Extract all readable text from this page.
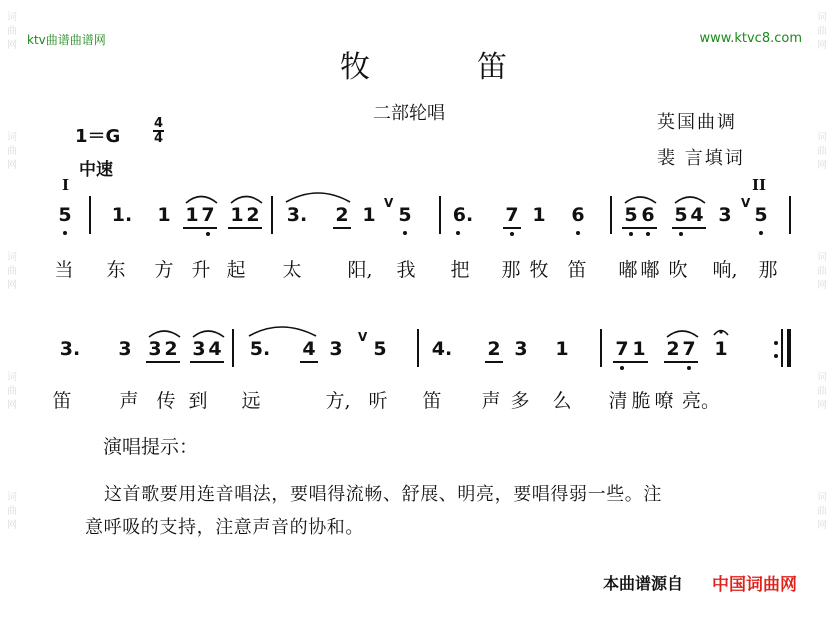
词
曲
网
词
曲
网
词
曲
网
词
曲
网
词
曲
网
词
曲
网
词
曲
网
词
曲
网
词
曲
网
词
曲
网
ktv曲谱曲谱网	www.ktvc8.com
牧	笛
二部轮唱	英国曲调
裴 言填词
1＝G
4
4
中速
I	II
5 1. 1 1 7 1 2 3. 2 1 5 6. 7 1 6 5 6 5 4 3 5
V	V
当 东 方 升 起 太 阳, 我 把 那 牧 笛 嘟 嘟 吹 响, 那
3. 3 3 2 3 4 5. 4 3 5 4. 2 3 1 7 1 2 7 1
V
笛	声 传 到 远	方, 听 笛 声 多 么 清 脆 嘹 亮。
演唱提示：
这首歌要用连音唱法，要唱得流畅、舒展、明亮，要唱得弱一些。注
意呼吸的支持，注意声音的协和。
本曲谱源自 中国词曲网
